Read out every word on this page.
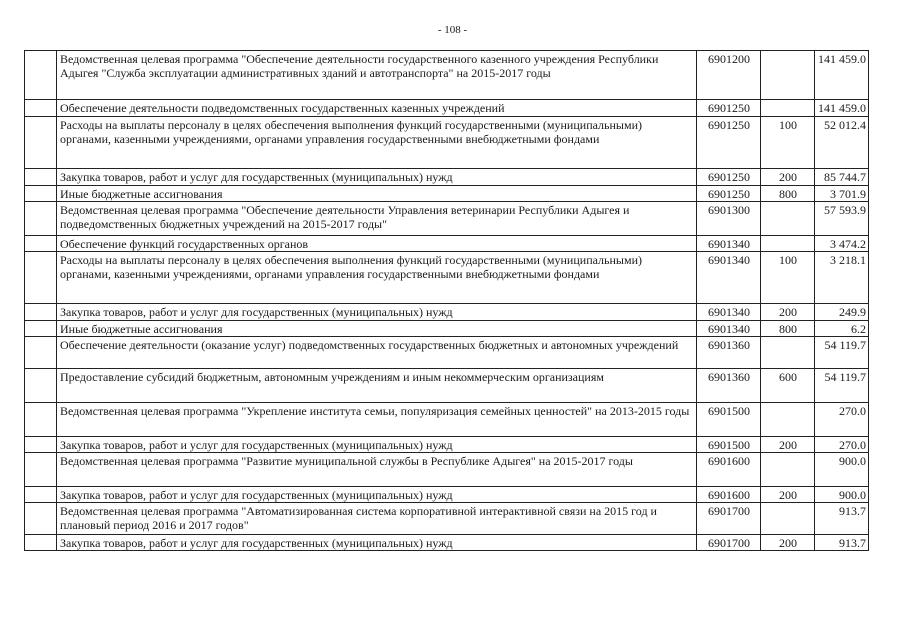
- 108 -
	Ведомственная целевая программа "Обеспечение деятельности государственного казенного учреждения Республики Адыгея "Служба эксплуатации административных зданий и автотранспорта" на 2015-2017 годы	6901200		141 459.0
	Обеспечение деятельности подведомственных государственных казенных учреждений	6901250		141 459.0
	Расходы на выплаты персоналу в целях обеспечения выполнения функций государственными (муниципальными) органами, казенными учреждениями, органами управления государственными внебюджетными фондами	6901250	100	52 012.4
	Закупка товаров, работ и услуг для государственных (муниципальных) нужд	6901250	200	85 744.7
	Иные бюджетные ассигнования	6901250	800	3 701.9
	Ведомственная целевая программа "Обеспечение деятельности Управления ветеринарии Республики Адыгея и подведомственных бюджетных учреждений на 2015-2017 годы"	6901300		57 593.9
	Обеспечение функций государственных органов	6901340		3 474.2
	Расходы на выплаты персоналу в целях обеспечения выполнения функций государственными (муниципальными) органами, казенными учреждениями, органами управления государственными внебюджетными фондами	6901340	100	3 218.1
	Закупка товаров, работ и услуг для государственных (муниципальных) нужд	6901340	200	249.9
	Иные бюджетные ассигнования	6901340	800	6.2
	Обеспечение деятельности (оказание услуг) подведомственных государственных бюджетных и автономных учреждений	6901360		54 119.7
	Предоставление субсидий бюджетным, автономным учреждениям и иным некоммерческим организациям	6901360	600	54 119.7
	Ведомственная целевая программа "Укрепление института семьи, популяризация семейных ценностей" на 2013-2015 годы	6901500		270.0
	Закупка товаров, работ и услуг для государственных (муниципальных) нужд	6901500	200	270.0
	Ведомственная целевая программа "Развитие муниципальной службы в Республике Адыгея" на 2015-2017 годы	6901600		900.0
	Закупка товаров, работ и услуг для государственных (муниципальных) нужд	6901600	200	900.0
	Ведомственная целевая программа "Автоматизированная система корпоративной интерактивной связи на 2015 год и плановый период 2016 и 2017 годов"	6901700		913.7
	Закупка товаров, работ и услуг для государственных (муниципальных) нужд	6901700	200	913.7
